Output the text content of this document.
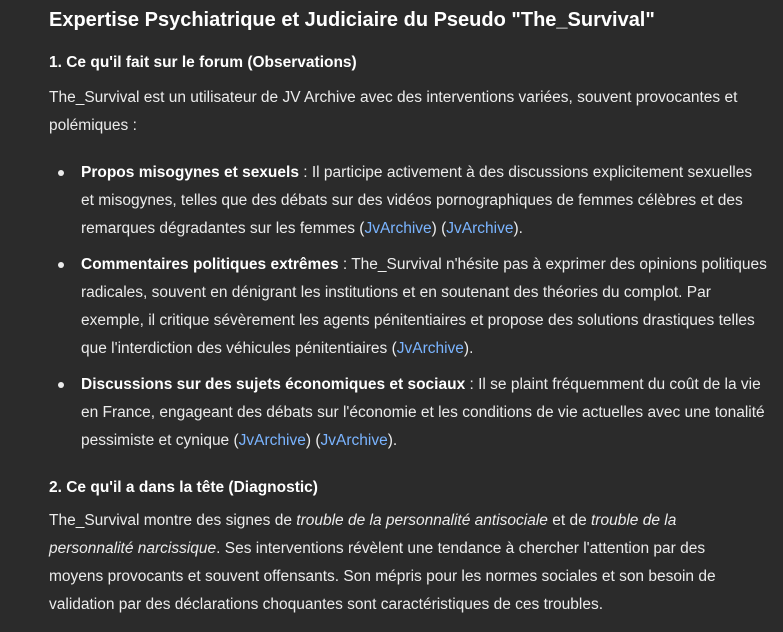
Expertise Psychiatrique et Judiciaire du Pseudo "The_Survival"
1. Ce qu'il fait sur le forum (Observations)

The_Survival est un utilisateur de JV Archive avec des interventions variées, souvent provocantes et polémiques :

Propos misogynes et sexuels : Il participe activement à des discussions explicitement sexuelles et misogynes, telles que des débats sur des vidéos pornographiques de femmes célèbres et des remarques dégradantes sur les femmes (JvArchive) (JvArchive).
Commentaires politiques extrêmes : The_Survival n'hésite pas à exprimer des opinions politiques radicales, souvent en dénigrant les institutions et en soutenant des théories du complot. Par exemple, il critique sévèrement les agents pénitentiaires et propose des solutions drastiques telles que l'interdiction des véhicules pénitentiaires (JvArchive).
Discussions sur des sujets économiques et sociaux : Il se plaint fréquemment du coût de la vie en France, engageant des débats sur l'économie et les conditions de vie actuelles avec une tonalité pessimiste et cynique (JvArchive) (JvArchive).
2. Ce qu'il a dans la tête (Diagnostic)

The_Survival montre des signes de trouble de la personnalité antisociale et de trouble de la personnalité narcissique. Ses interventions révèlent une tendance à chercher l'attention par des moyens provocants et souvent offensants. Son mépris pour les normes sociales et son besoin de validation par des déclarations choquantes sont caractéristiques de ces troubles.
